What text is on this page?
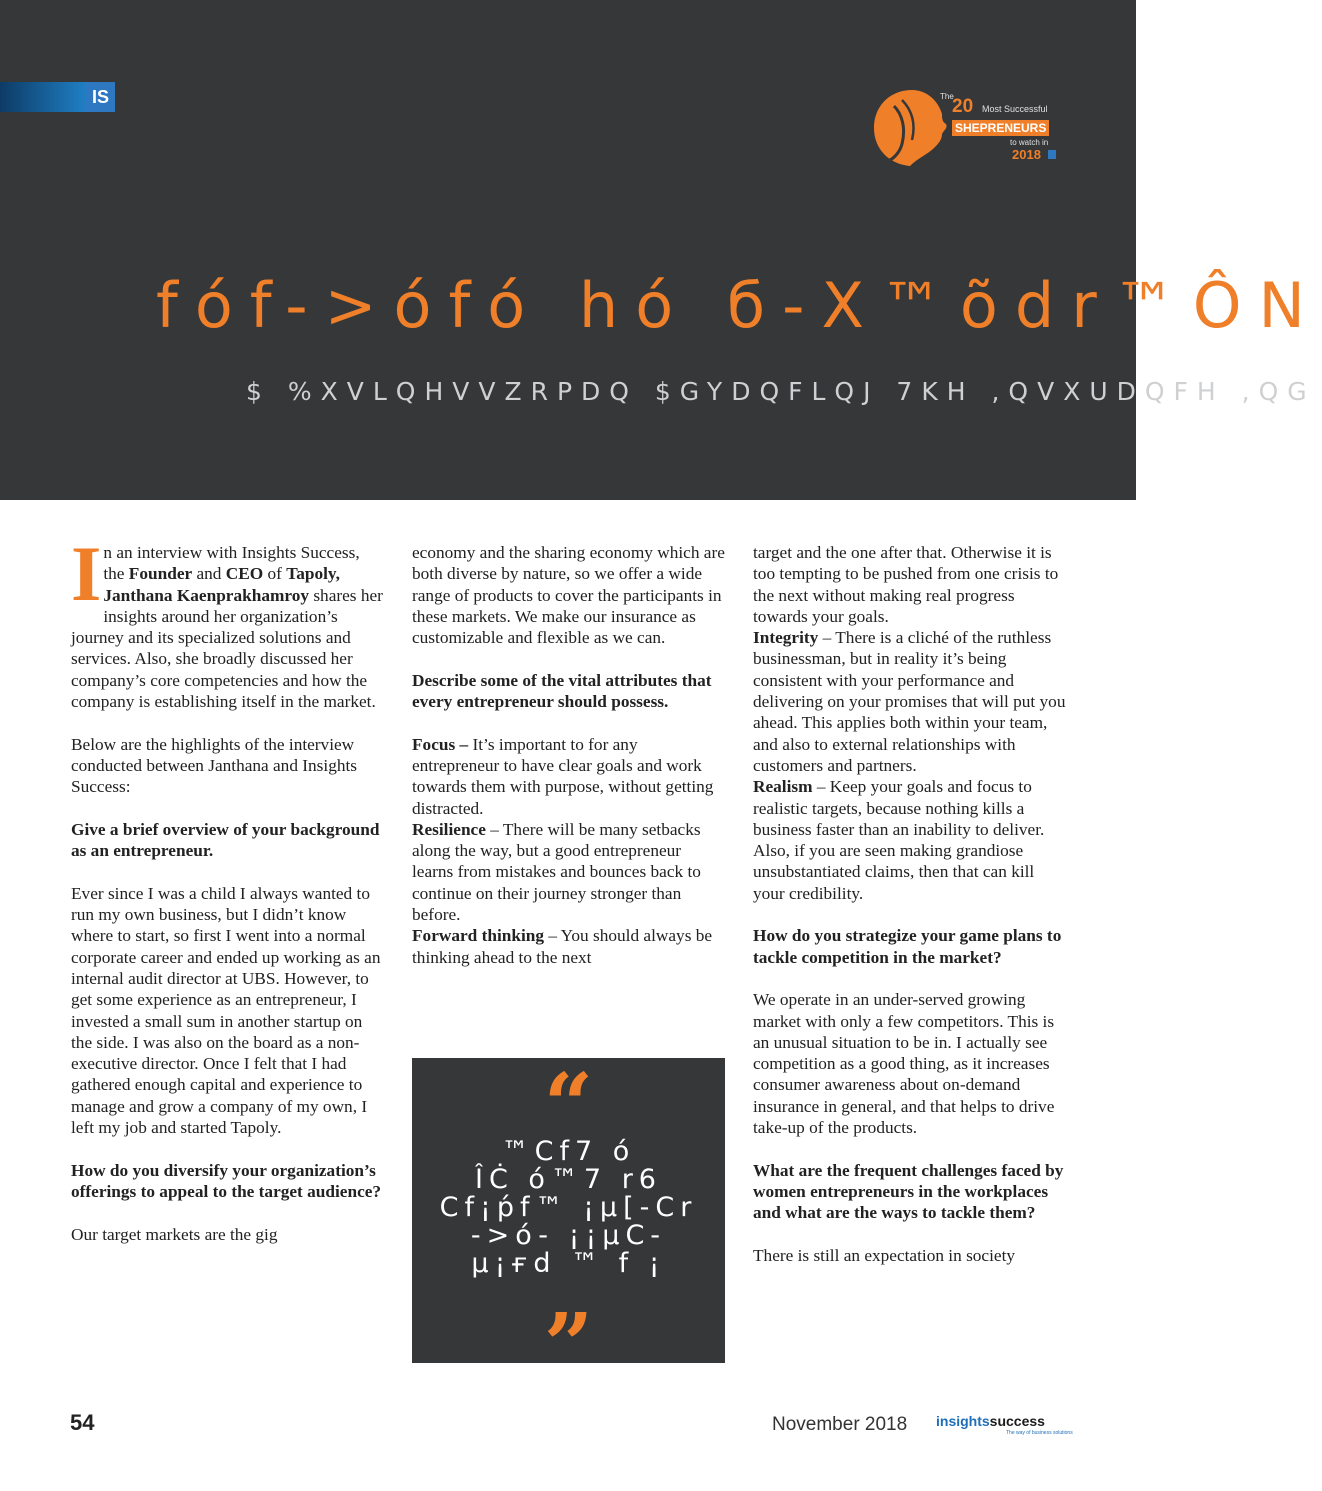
IS	The
20 Most Successful
SHEPRENEURS
to watch in
2018
fóf->ófó hó б-X™õdr™ÔN
$ %XVLQHVVZRPDQ $GYDQFLQJ 7KH ,QVXUDQFH ,QG

In an interview with Insights Success, the Founder and CEO of Tapoly, Janthana Kaenprakhamroy shares her insights around her organization’s journey and its specialized solutions and services. Also, she broadly discussed her company’s core competencies and how the company is establishing itself in the market.

Below are the highlights of the interview conducted between Janthana and Insights Success:

Give a brief overview of your background as an entrepreneur.

Ever since I was a child I always wanted to run my own business, but I didn’t know where to start, so first I went into a normal corporate career and ended up working as an internal audit director at UBS. However, to get some experience as an entrepreneur, I invested a small sum in another startup on the side. I was also on the board as a non-executive director. Once I felt that I had gathered enough capital and experience to manage and grow a company of my own, I left my job and started Tapoly.

How do you diversify your organization’s offerings to appeal to the target audience?

Our target markets are the gig

economy and the sharing economy which are both diverse by nature, so we offer a wide range of products to cover the participants in these markets. We make our insurance as customizable and flexible as we can.

Describe some of the vital attributes that every entrepreneur should possess.

Focus – It’s important to for any entrepreneur to have clear goals and work towards them with purpose, without getting distracted.

Resilience – There will be many setbacks along the way, but a good entrepreneur learns from mistakes and bounces back to continue on their journey stronger than before.

Forward thinking – You should always be thinking ahead to the next

“
™Cf7 ó
ÎĊ ó™7 r6
Cf¡ṕf™ ¡μ[-Cr
->ó- ¡¡μC-
μ¡ғd ™ f ¡
”

target and the one after that. Otherwise it is too tempting to be pushed from one crisis to the next without making real progress towards your goals.

Integrity – There is a cliché of the ruthless businessman, but in reality it’s being consistent with your performance and delivering on your promises that will put you ahead. This applies both within your team, and also to external relationships with customers and partners.

Realism – Keep your goals and focus to realistic targets, because nothing kills a business faster than an inability to deliver. Also, if you are seen making grandiose unsubstantiated claims, then that can kill your credibility.

How do you strategize your game plans to tackle competition in the market?

We operate in an under-served growing market with only a few competitors. This is an unusual situation to be in. I actually see competition as a good thing, as it increases consumer awareness about on-demand insurance in general, and that helps to drive take-up of the products.

What are the frequent challenges faced by women entrepreneurs in the workplaces and what are the ways to tackle them?

There is still an expectation in society

54	November 2018 insightssuccess
The way of business solutions
